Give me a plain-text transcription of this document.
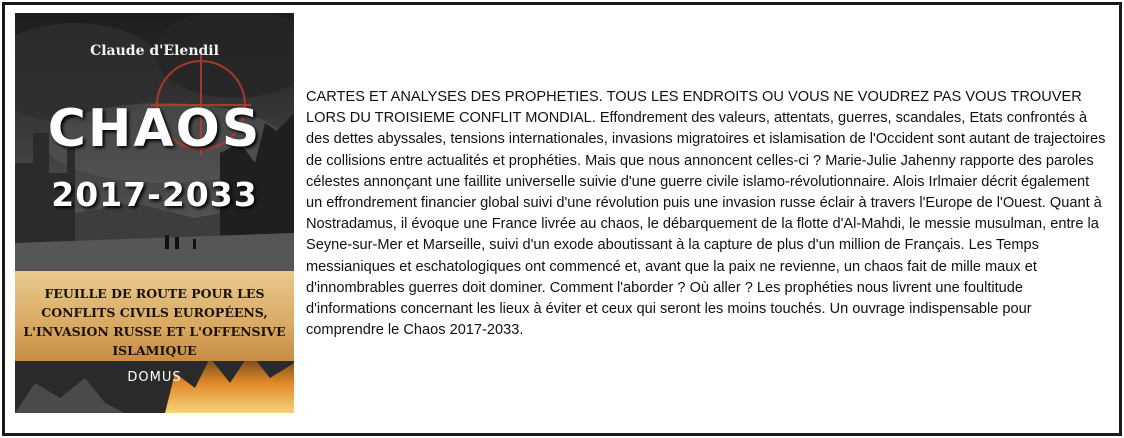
Claude d'Elendil
CHAOS
2017-2033
FEUILLE DE ROUTE POUR LES CONFLITS CIVILS EUROPÉENS, L'INVASION RUSSE ET L'OFFENSIVE ISLAMIQUE
DOMUS

CARTES ET ANALYSES DES PROPHETIES. TOUS LES ENDROITS OU VOUS NE VOUDREZ PAS VOUS TROUVER LORS DU TROISIEME CONFLIT MONDIAL. Effondrement des valeurs, attentats, guerres, scandales, Etats confrontés à des dettes abyssales, tensions internationales, invasions migratoires et islamisation de l'Occident sont autant de trajectoires de collisions entre actualités et prophéties. Mais que nous annoncent celles-ci ? Marie-Julie Jahenny rapporte des paroles célestes annonçant une faillite universelle suivie d'une guerre civile islamo-révolutionnaire. Alois Irlmaier décrit également un effrondrement financier global suivi d'une révolution puis une invasion russe éclair à travers l'Europe de l'Ouest. Quant à Nostradamus, il évoque une France livrée au chaos, le débarquement de la flotte d'Al-Mahdi, le messie musulman, entre la Seyne-sur-Mer et Marseille, suivi d'un exode aboutissant à la capture de plus d'un million de Français. Les Temps messianiques et eschatologiques ont commencé et, avant que la paix ne revienne, un chaos fait de mille maux et d'innombrables guerres doit dominer. Comment l'aborder ? Où aller ? Les prophéties nous livrent une foultitude d'informations concernant les lieux à éviter et ceux qui seront les moins touchés. Un ouvrage indispensable pour comprendre le Chaos 2017-2033.
